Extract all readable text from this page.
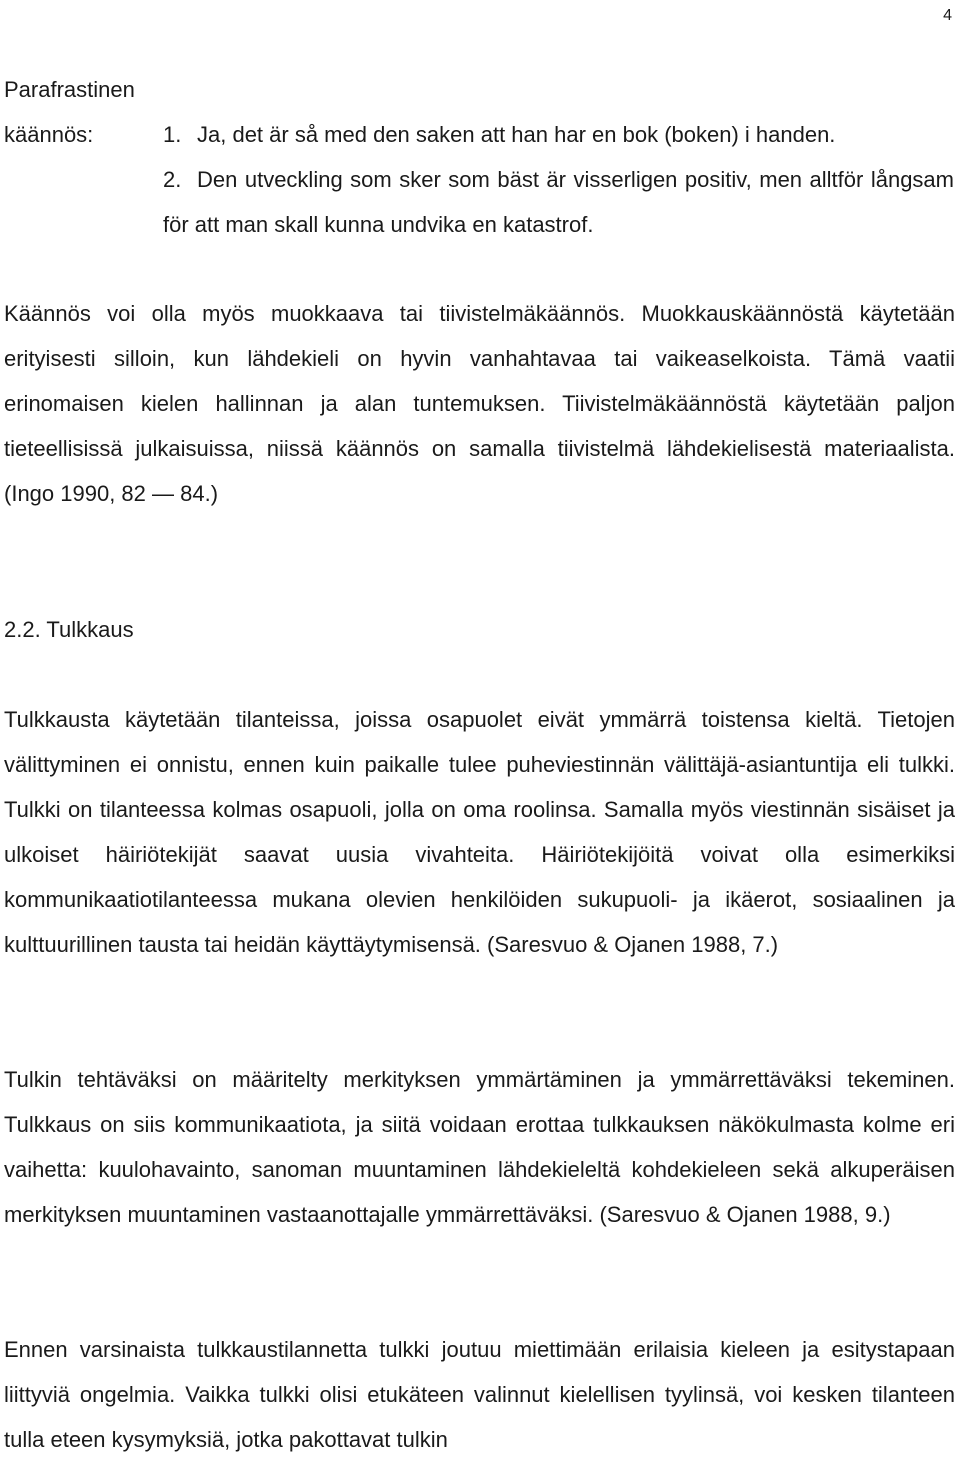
4
Parafrastinen
käännös:	1. Ja, det är så med den saken att han har en bok (boken) i handen.

2. Den utveckling som sker som bäst är visserligen positiv, men alltför långsam för att man skall kunna undvika en katastrof.

Käännös voi olla myös muokkaava tai tiivistelmäkäännös. Muokkauskäännöstä käytetään erityisesti silloin, kun lähdekieli on hyvin vanhahtavaa tai vaikeaselkoista. Tämä vaatii erinomaisen kielen hallinnan ja alan tuntemuksen. Tiivistelmäkäännöstä käytetään paljon tieteellisissä julkaisuissa, niissä käännös on samalla tiivistelmä lähdekielisestä materiaalista. (Ingo 1990, 82 — 84.)

2.2. Tulkkaus

Tulkkausta käytetään tilanteissa, joissa osapuolet eivät ymmärrä toistensa kieltä. Tietojen välittyminen ei onnistu, ennen kuin paikalle tulee puheviestinnän välittäjä-asiantuntija eli tulkki. Tulkki on tilanteessa kolmas osapuoli, jolla on oma roolinsa. Samalla myös viestinnän sisäiset ja ulkoiset häiriötekijät saavat uusia vivahteita. Häiriötekijöitä voivat olla esimerkiksi kommunikaatiotilanteessa mukana olevien henkilöiden sukupuoli- ja ikäerot, sosiaalinen ja kulttuurillinen tausta tai heidän käyttäytymisensä. (Saresvuo & Ojanen 1988, 7.)

Tulkin tehtäväksi on määritelty merkityksen ymmärtäminen ja ymmärrettäväksi tekeminen. Tulkkaus on siis kommunikaatiota, ja siitä voidaan erottaa tulkkauksen näkökulmasta kolme eri vaihetta: kuulohavainto, sanoman muuntaminen lähdekieleltä kohdekieleen sekä alkuperäisen merkityksen muuntaminen vastaanottajalle ymmärrettäväksi. (Saresvuo & Ojanen 1988, 9.)

Ennen varsinaista tulkkaustilannetta tulkki joutuu miettimään erilaisia kieleen ja esitystapaan liittyviä ongelmia. Vaikka tulkki olisi etukäteen valinnut kielellisen tyylinsä, voi kesken tilanteen tulla eteen kysymyksiä, jotka pakottavat tulkin
